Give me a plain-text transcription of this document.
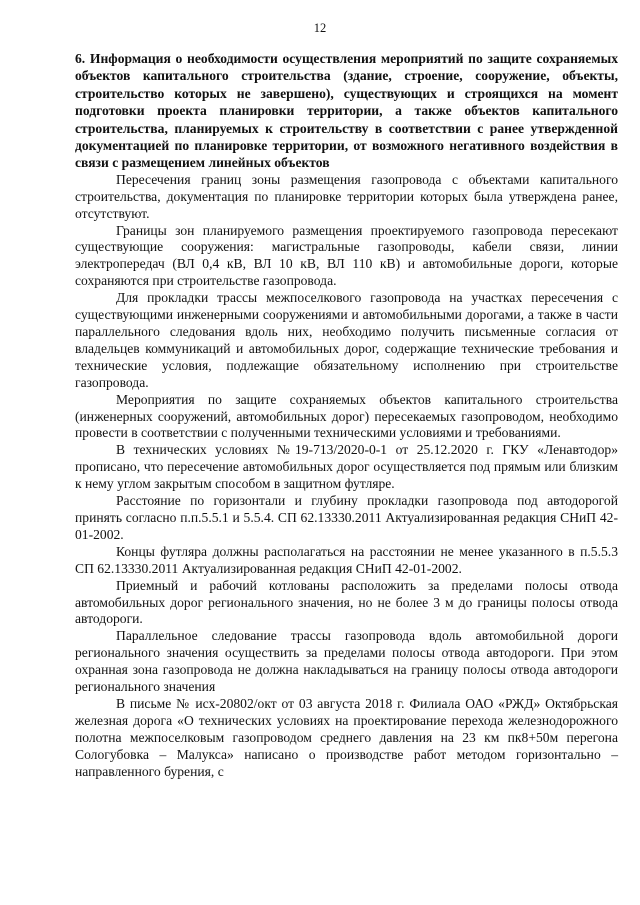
12

6. Информация о необходимости осуществления мероприятий по защите сохраняемых объектов капитального строительства (здание, строение, сооружение, объекты, строительство которых не завершено), существующих и строящихся на момент подготовки проекта планировки территории, а также объектов капитального строительства, планируемых к строительству в соответствии с ранее утвержденной документацией по планировке территории, от возможного негативного воздействия в связи с размещением линейных объектов

Пересечения границ зоны размещения газопровода с объектами капитального строительства, документация по планировке территории которых была утверждена ранее, отсутствуют.

Границы зон планируемого размещения проектируемого газопровода пересекают существующие сооружения: магистральные газопроводы, кабели связи, линии электропередач (ВЛ 0,4 кВ, ВЛ 10 кВ, ВЛ 110 кВ) и автомобильные дороги, которые сохраняются при строительстве газопровода.

Для прокладки трассы межпоселкового газопровода на участках пересечения с существующими инженерными сооружениями и автомобильными дорогами, а также в части параллельного следования вдоль них, необходимо получить письменные согласия от владельцев коммуникаций и автомобильных дорог, содержащие технические требования и технические условия, подлежащие обязательному исполнению при строительстве газопровода.

Мероприятия по защите сохраняемых объектов капитального строительства (инженерных сооружений, автомобильных дорог) пересекаемых газопроводом, необходимо провести в соответствии с полученными техническими условиями и требованиями.

В технических условиях №19-713/2020-0-1 от 25.12.2020 г. ГКУ «Ленавтодор» прописано, что пересечение автомобильных дорог осуществляется под прямым или близким к нему углом закрытым способом в защитном футляре.

Расстояние по горизонтали и глубину прокладки газопровода под автодорогой принять согласно п.п.5.5.1 и 5.5.4. СП 62.13330.2011 Актуализированная редакция СНиП 42-01-2002.

Концы футляра должны располагаться на расстоянии не менее указанного в п.5.5.3 СП 62.13330.2011 Актуализированная редакция СНиП 42-01-2002.

Приемный и рабочий котлованы расположить за пределами полосы отвода автомобильных дорог регионального значения, но не более 3 м до границы полосы отвода автодороги.

Параллельное следование трассы газопровода вдоль автомобильной дороги регионального значения осуществить за пределами полосы отвода автодороги. При этом охранная зона газопровода не должна накладываться на границу полосы отвода автодороги регионального значения

В письме № исх-20802/окт от 03 августа 2018 г. Филиала ОАО «РЖД» Октябрьская железная дорога «О технических условиях на проектирование перехода железнодорожного полотна межпоселковым газопроводом среднего давления на 23 км пк8+50м перегона Сологубовка – Малукса» написано о производстве работ методом горизонтально – направленного бурения, с
